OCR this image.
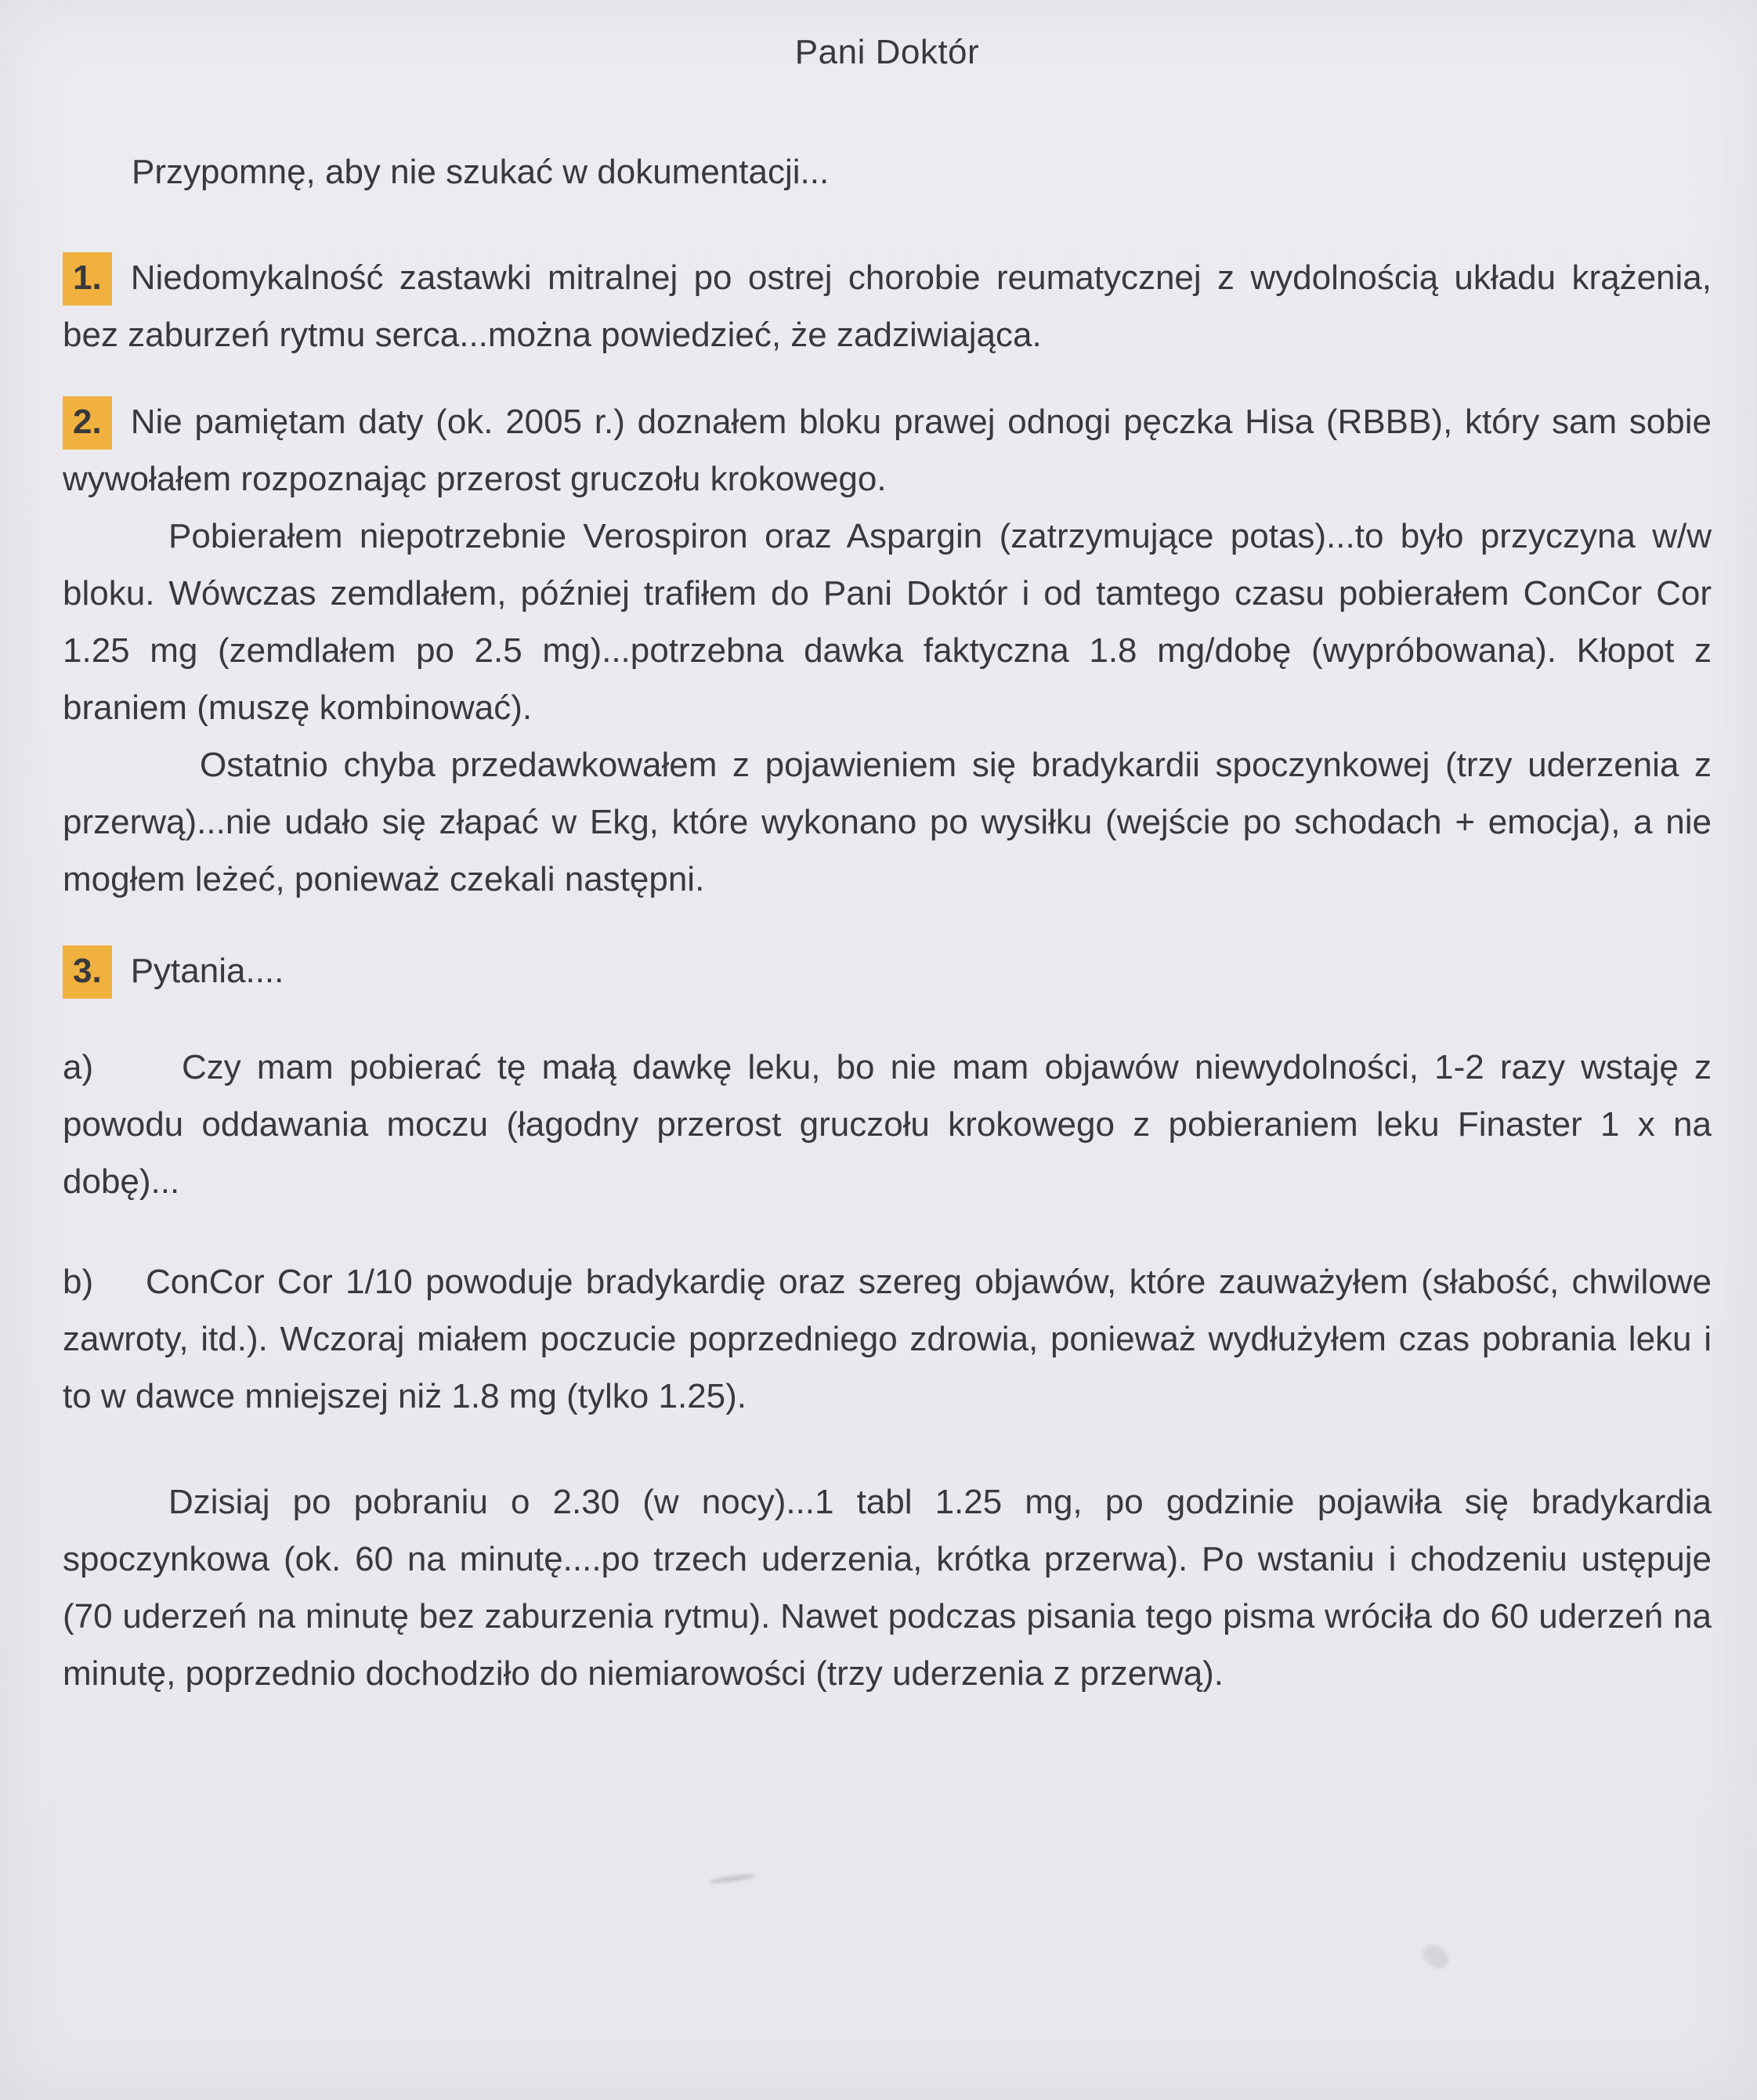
Pani Doktór

Przypomnę, aby nie szukać w dokumentacji...

1. Niedomykalność zastawki mitralnej po ostrej chorobie reumatycznej z wydolnością układu krążenia, bez zaburzeń rytmu serca...można powiedzieć, że zadziwiająca.

2. Nie pamiętam daty (ok. 2005 r.) doznałem bloku prawej odnogi pęczka Hisa (RBBB), który sam sobie wywołałem rozpoznając przerost gruczołu krokowego.

Pobierałem niepotrzebnie Verospiron oraz Aspargin (zatrzymujące potas)...to było przyczyna w/w bloku. Wówczas zemdlałem, później trafiłem do Pani Doktór i od tamtego czasu pobierałem ConCor Cor 1.25 mg (zemdlałem po 2.5 mg)...potrzebna dawka faktyczna 1.8 mg/dobę (wypróbowana). Kłopot z braniem (muszę kombinować).

Ostatnio chyba przedawkowałem z pojawieniem się bradykardii spoczynkowej (trzy uderzenia z przerwą)...nie udało się złapać w Ekg, które wykonano po wysiłku (wejście po schodach + emocja), a nie mogłem leżeć, ponieważ czekali następni.

3. Pytania....

a)	Czy mam pobierać tę małą dawkę leku, bo nie mam objawów niewydolności, 1-2 razy wstaję z powodu oddawania moczu (łagodny przerost gruczołu krokowego z pobieraniem leku Finaster 1 x na dobę)...

b) ConCor Cor 1/10 powoduje bradykardię oraz szereg objawów, które zauważyłem (słabość, chwilowe zawroty, itd.). Wczoraj miałem poczucie poprzedniego zdrowia, ponieważ wydłużyłem czas pobrania leku i to w dawce mniejszej niż 1.8 mg (tylko 1.25).

Dzisiaj po pobraniu o 2.30 (w nocy)...1 tabl 1.25 mg, po godzinie pojawiła się bradykardia spoczynkowa (ok. 60 na minutę....po trzech uderzenia, krótka przerwa). Po wstaniu i chodzeniu ustępuje (70 uderzeń na minutę bez zaburzenia rytmu). Nawet podczas pisania tego pisma wróciła do 60 uderzeń na minutę, poprzednio dochodziło do niemiarowości (trzy uderzenia z przerwą).
